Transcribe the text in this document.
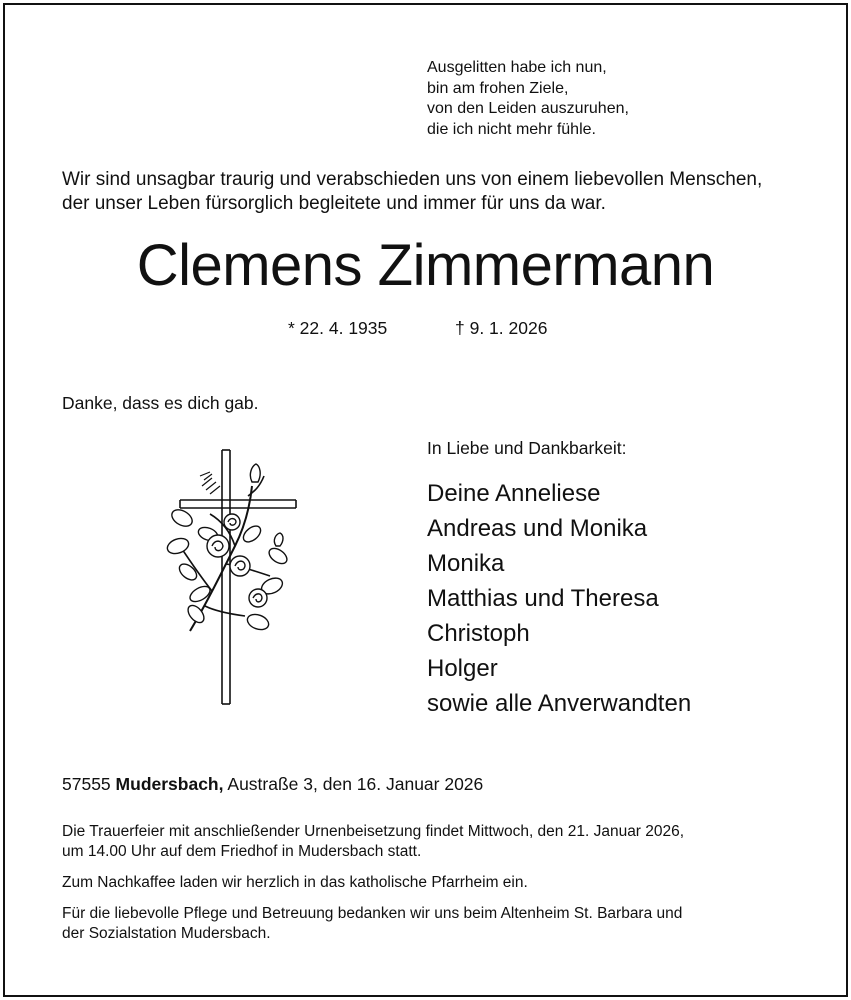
Ausgelitten habe ich nun,
bin am frohen Ziele,
von den Leiden auszuruhen,
die ich nicht mehr fühle.
Wir sind unsagbar traurig und verabschieden uns von einem liebevollen Menschen,
der unser Leben fürsorglich begleitete und immer für uns da war.
Clemens Zimmermann
* 22. 4. 1935	† 9. 1. 2026
Danke, dass es dich gab.
In Liebe und Dankbarkeit:
Deine Anneliese
Andreas und Monika
Monika
Matthias und Theresa
Christoph
Holger
sowie alle Anverwandten
57555 Mudersbach, Austraße 3, den 16. Januar 2026
Die Trauerfeier mit anschließender Urnenbeisetzung findet Mittwoch, den 21. Januar 2026,
um 14.00 Uhr auf dem Friedhof in Mudersbach statt.
Zum Nachkaffee laden wir herzlich in das katholische Pfarrheim ein.
Für die liebevolle Pflege und Betreuung bedanken wir uns beim Altenheim St. Barbara und
der Sozialstation Mudersbach.
